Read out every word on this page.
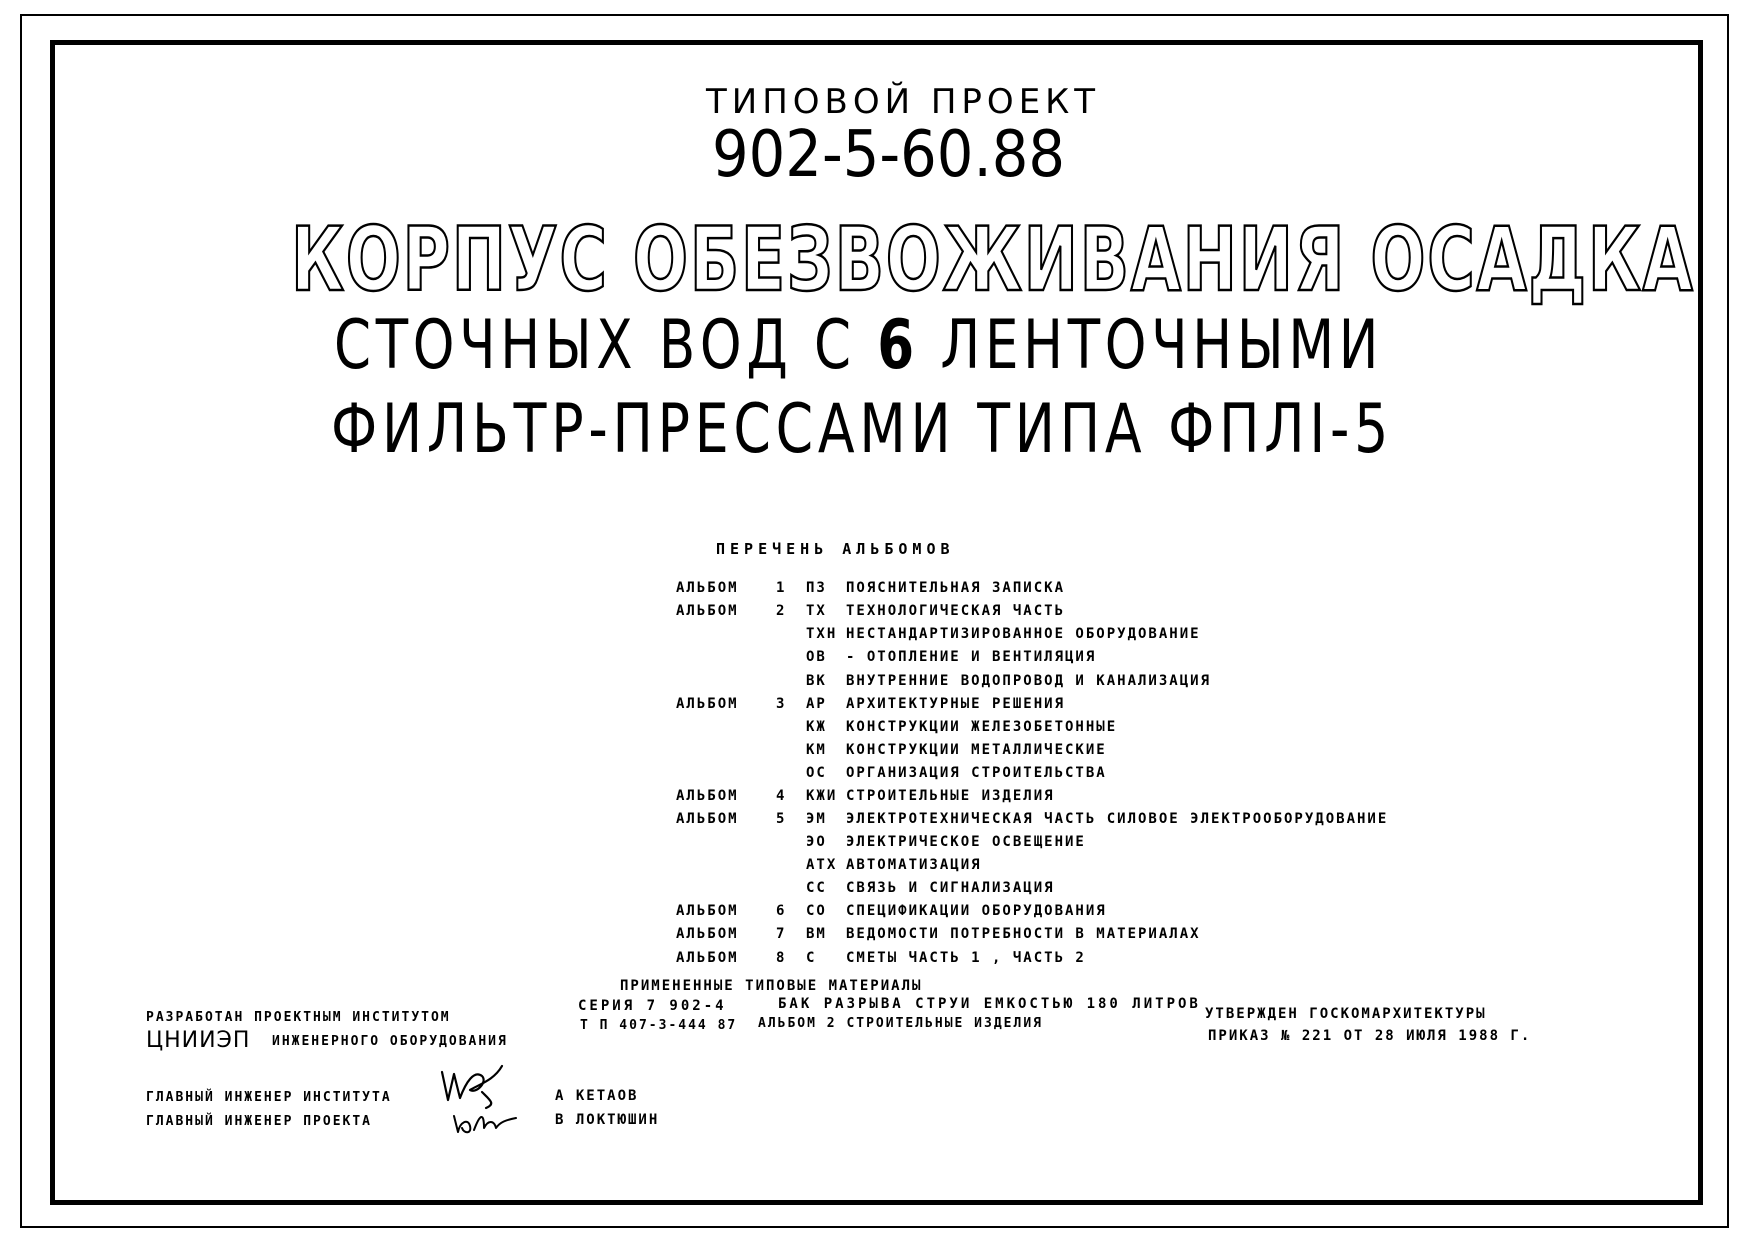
ТИПОВОЙ ПРОЕКТ
902-5-60.88
КОРПУС ОБЕЗВОЖИВАНИЯ ОСАДКА
СТОЧНЫХ ВОД С 6 ЛЕНТОЧНЫМИ
ФИЛЬТР-ПРЕССАМИ ТИПА ФПЛI-5
ПЕРЕЧЕНЬ АЛЬБОМОВ
АЛЬБОМ	1 ПЗ ПОЯСНИТЕЛЬНАЯ ЗАПИСКА
АЛЬБОМ	2 ТХ ТЕХНОЛОГИЧЕСКАЯ ЧАСТЬ
ТХН НЕСТАНДАРТИЗИРОВАННОЕ ОБОРУДОВАНИЕ
ОВ - ОТОПЛЕНИЕ И ВЕНТИЛЯЦИЯ
ВК ВНУТРЕННИЕ ВОДОПРОВОД И КАНАЛИЗАЦИЯ
АЛЬБОМ	3 АР АРХИТЕКТУРНЫЕ РЕШЕНИЯ
КЖ КОНСТРУКЦИИ ЖЕЛЕЗОБЕТОННЫЕ
КМ КОНСТРУКЦИИ МЕТАЛЛИЧЕСКИЕ
ОС ОРГАНИЗАЦИЯ СТРОИТЕЛЬСТВА
АЛЬБОМ	4 КЖИ СТРОИТЕЛЬНЫЕ ИЗДЕЛИЯ
АЛЬБОМ	5 ЭМ ЭЛЕКТРОТЕХНИЧЕСКАЯ ЧАСТЬ СИЛОВОЕ ЭЛЕКТРООБОРУДОВАНИЕ
ЭО ЭЛЕКТРИЧЕСКОЕ ОСВЕЩЕНИЕ
АТХ АВТОМАТИЗАЦИЯ
СС СВЯЗЬ И СИГНАЛИЗАЦИЯ
АЛЬБОМ	6 СО СПЕЦИФИКАЦИИ ОБОРУДОВАНИЯ
АЛЬБОМ	7 ВМ ВЕДОМОСТИ ПОТРЕБНОСТИ В МАТЕРИАЛАХ
АЛЬБОМ	8 С СМЕТЫ ЧАСТЬ 1 , ЧАСТЬ 2
ПРИМЕНЕННЫЕ ТИПОВЫЕ МАТЕРИАЛЫ
СЕРИЯ 7 902-4	БАК РАЗРЫВА СТРУИ ЕМКОСТЬЮ 180 ЛИТРОВ
Т П 407-3-444 87 АЛЬБОМ 2 СТРОИТЕЛЬНЫЕ ИЗДЕЛИЯ
РАЗРАБОТАН ПРОЕКТНЫМ ИНСТИТУТОМ
ЦНИИЭП ИНЖЕНЕРНОГО ОБОРУДОВАНИЯ
УТВЕРЖДЕН ГОСКОМАРХИТЕКТУРЫ
ПРИКАЗ № 221 ОТ 28 ИЮЛЯ 1988 Г.
ГЛАВНЫЙ ИНЖЕНЕР ИНСТИТУТА
ГЛАВНЫЙ ИНЖЕНЕР ПРОЕКТА
А КЕТАОВ
В ЛОКТЮШИН
